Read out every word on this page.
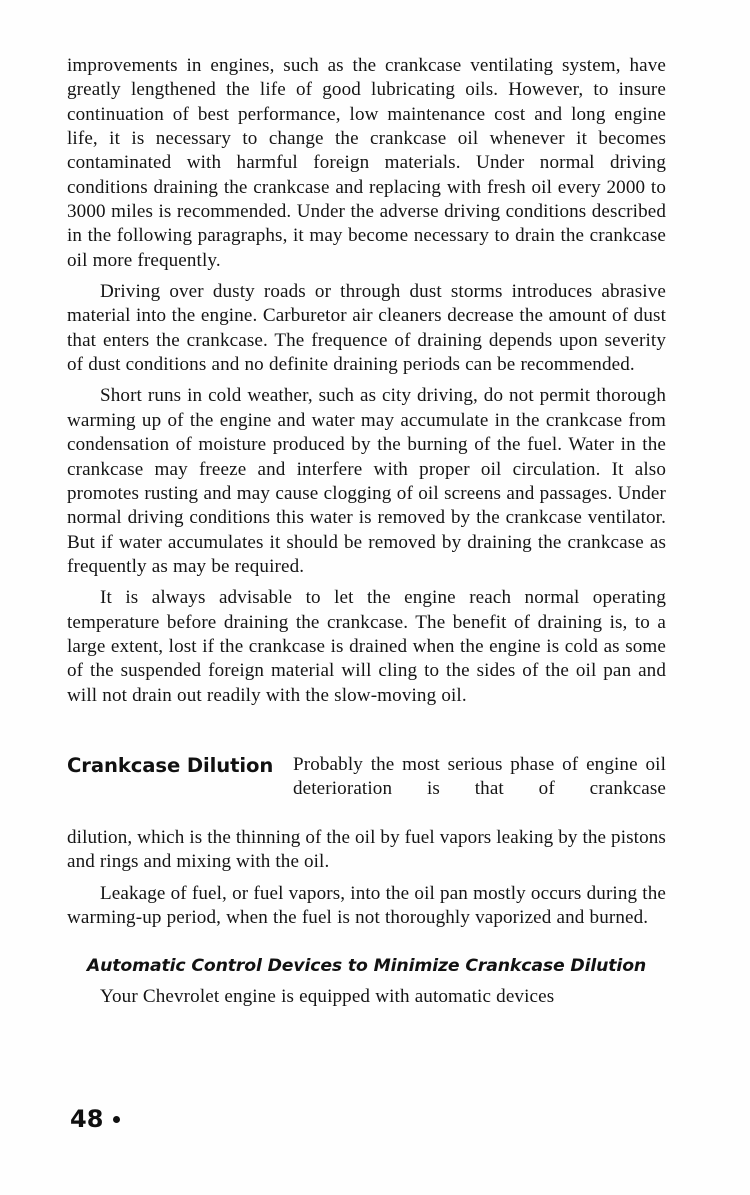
improvements in engines, such as the crankcase ventilating system, have greatly lengthened the life of good lubricating oils. However, to insure continuation of best performance, low maintenance cost and long engine life, it is necessary to change the crankcase oil whenever it becomes contaminated with harmful foreign materials. Under normal driving conditions draining the crankcase and replacing with fresh oil every 2000 to 3000 miles is recommended. Under the adverse driving conditions described in the following paragraphs, it may become necessary to drain the crankcase oil more frequently.

Driving over dusty roads or through dust storms introduces abrasive material into the engine. Carburetor air cleaners decrease the amount of dust that enters the crankcase. The frequence of draining depends upon severity of dust conditions and no definite draining periods can be recommended.

Short runs in cold weather, such as city driving, do not permit thorough warming up of the engine and water may accumulate in the crankcase from condensation of moisture produced by the burning of the fuel. Water in the crankcase may freeze and interfere with proper oil circulation. It also promotes rusting and may cause clogging of oil screens and passages. Under normal driving conditions this water is removed by the crankcase ventilator. But if water accumulates it should be removed by draining the crankcase as frequently as may be required.

It is always advisable to let the engine reach normal operating temperature before draining the crankcase. The benefit of draining is, to a large extent, lost if the crankcase is drained when the engine is cold as some of the suspended foreign material will cling to the sides of the oil pan and will not drain out readily with the slow-moving oil.

Crankcase Dilution Probably the most serious phase of engine oil deterioration is that of crankcase

dilution, which is the thinning of the oil by fuel vapors leaking by the pistons and rings and mixing with the oil.

Leakage of fuel, or fuel vapors, into the oil pan mostly occurs during the warming-up period, when the fuel is not thoroughly vaporized and burned.

Automatic Control Devices to Minimize Crankcase Dilution

Your Chevrolet engine is equipped with automatic devices

48
